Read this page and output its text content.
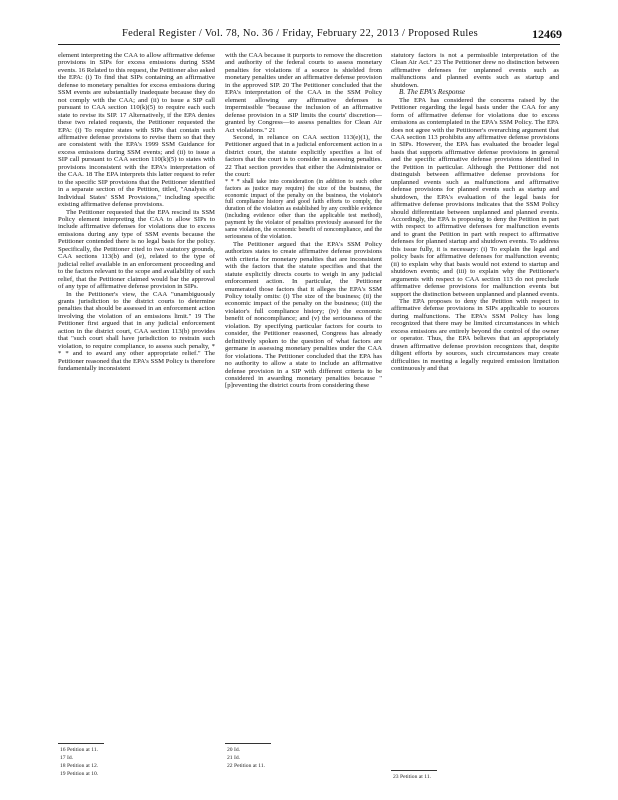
Federal Register / Vol. 78, No. 36 / Friday, February 22, 2013 / Proposed Rules	12469

element interpreting the CAA to allow affirmative defense provisions in SIPs for excess emissions during SSM events. 16 Related to this request, the Petitioner also asked the EPA: (i) To find that SIPs containing an affirmative defense to monetary penalties for excess emissions during SSM events are substantially inadequate because they do not comply with the CAA; and (ii) to issue a SIP call pursuant to CAA section 110(k)(5) to require each such state to revise its SIP. 17 Alternatively, if the EPA denies these two related requests, the Petitioner requested the EPA: (i) To require states with SIPs that contain such affirmative defense provisions to revise them so that they are consistent with the EPA's 1999 SSM Guidance for excess emissions during SSM events; and (ii) to issue a SIP call pursuant to CAA section 110(k)(5) to states with provisions inconsistent with the EPA's interpretation of the CAA. 18 The EPA interprets this latter request to refer to the specific SIP provisions that the Petitioner identified in a separate section of the Petition, titled, "Analysis of Individual States' SSM Provisions," including specific existing affirmative defense provisions.

The Petitioner requested that the EPA rescind its SSM Policy element interpreting the CAA to allow SIPs to include affirmative defenses for violations due to excess emissions during any type of SSM events because the Petitioner contended there is no legal basis for the policy. Specifically, the Petitioner cited to two statutory grounds, CAA sections 113(b) and (e), related to the type of judicial relief available in an enforcement proceeding and to the factors relevant to the scope and availability of such relief, that the Petitioner claimed would bar the approval of any type of affirmative defense provision in SIPs.

In the Petitioner's view, the CAA "unambiguously grants jurisdiction to the district courts to determine penalties that should be assessed in an enforcement action involving the violation of an emissions limit." 19 The Petitioner first argued that in any judicial enforcement action in the district court, CAA section 113(b) provides that "such court shall have jurisdiction to restrain such violation, to require compliance, to assess such penalty, * * * and to award any other appropriate relief." The Petitioner reasoned that the EPA's SSM Policy is therefore fundamentally inconsistent

with the CAA because it purports to remove the discretion and authority of the federal courts to assess monetary penalties for violations if a source is shielded from monetary penalties under an affirmative defense provision in the approved SIP. 20 The Petitioner concluded that the EPA's interpretation of the CAA in the SSM Policy element allowing any affirmative defenses is impermissible "because the inclusion of an affirmative defense provision in a SIP limits the courts' discretion—granted by Congress—to assess penalties for Clean Air Act violations." 21

Second, in reliance on CAA section 113(e)(1), the Petitioner argued that in a judicial enforcement action in a district court, the statute explicitly specifies a list of factors that the court is to consider in assessing penalties. 22 That section provides that either the Administrator or the court:

* * * shall take into consideration (in addition to such other factors as justice may require) the size of the business, the economic impact of the penalty on the business, the violator's full compliance history and good faith efforts to comply, the duration of the violation as established by any credible evidence (including evidence other than the applicable test method), payment by the violator of penalties previously assessed for the same violation, the economic benefit of noncompliance, and the seriousness of the violation.

The Petitioner argued that the EPA's SSM Policy authorizes states to create affirmative defense provisions with criteria for monetary penalties that are inconsistent with the factors that the statute specifies and that the statute explicitly directs courts to weigh in any judicial enforcement action. In particular, the Petitioner enumerated those factors that it alleges the EPA's SSM Policy totally omits: (i) The size of the business; (ii) the economic impact of the penalty on the business; (iii) the violator's full compliance history; (iv) the economic benefit of noncompliance; and (v) the seriousness of the violation. By specifying particular factors for courts to consider, the Petitioner reasoned, Congress has already definitively spoken to the question of what factors are germane in assessing monetary penalties under the CAA for violations. The Petitioner concluded that the EPA has no authority to allow a state to include an affirmative defense provision in a SIP with different criteria to be considered in awarding monetary penalties because "[p]reventing the district courts from considering these

statutory factors is not a permissible interpretation of the Clean Air Act." 23 The Petitioner drew no distinction between affirmative defenses for unplanned events such as malfunctions and planned events such as startup and shutdown.

B. The EPA's Response

The EPA has considered the concerns raised by the Petitioner regarding the legal basis under the CAA for any form of affirmative defense for violations due to excess emissions as contemplated in the EPA's SSM Policy. The EPA does not agree with the Petitioner's overarching argument that CAA section 113 prohibits any affirmative defense provisions in SIPs. However, the EPA has evaluated the broader legal basis that supports affirmative defense provisions in general and the specific affirmative defense provisions identified in the Petition in particular. Although the Petitioner did not distinguish between affirmative defense provisions for unplanned events such as malfunctions and affirmative defense provisions for planned events such as startup and shutdown, the EPA's evaluation of the legal basis for affirmative defense provisions indicates that the SSM Policy should differentiate between unplanned and planned events. Accordingly, the EPA is proposing to deny the Petition in part with respect to affirmative defenses for malfunction events and to grant the Petition in part with respect to affirmative defenses for planned startup and shutdown events. To address this issue fully, it is necessary: (i) To explain the legal and policy basis for affirmative defenses for malfunction events; (ii) to explain why that basis would not extend to startup and shutdown events; and (iii) to explain why the Petitioner's arguments with respect to CAA section 113 do not preclude affirmative defense provisions for malfunction events but support the distinction between unplanned and planned events.

The EPA proposes to deny the Petition with respect to affirmative defense provisions in SIPs applicable to sources during malfunctions. The EPA's SSM Policy has long recognized that there may be limited circumstances in which excess emissions are entirely beyond the control of the owner or operator. Thus, the EPA believes that an appropriately drawn affirmative defense provision recognizes that, despite diligent efforts by sources, such circumstances may create difficulties in meeting a legally required emission limitation continuously and that

16 Petition at 11.
17 Id.
18 Petition at 12.
19 Petition at 10.
20 Id.
21 Id.
22 Petition at 11.
23 Petition at 11.
